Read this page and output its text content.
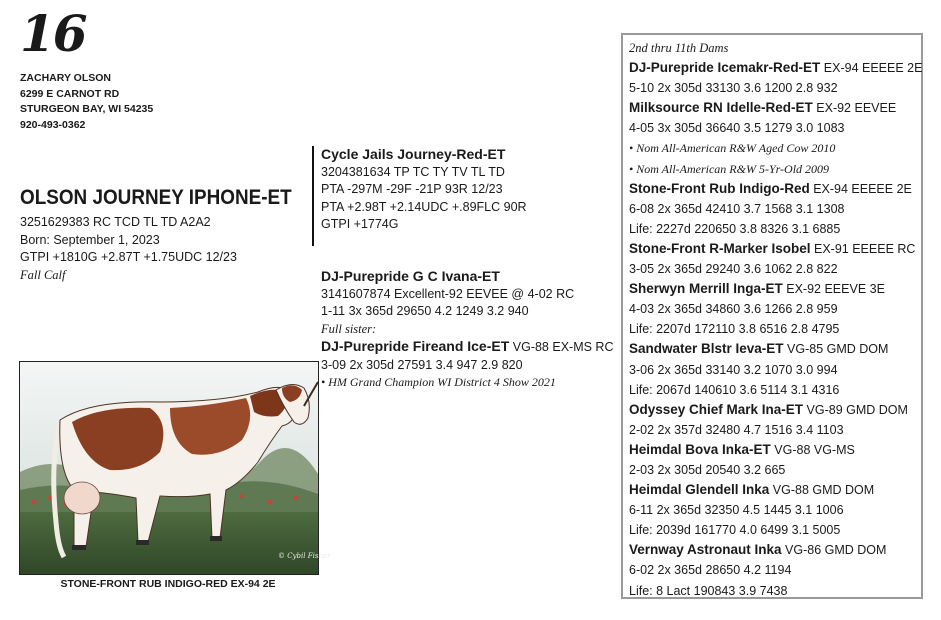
16
ZACHARY OLSON
6299 E CARNOT RD
STURGEON BAY, WI 54235
920-493-0362
OLSON JOURNEY IPHONE-ET
3251629383 RC TCD TL TD A2A2
Born: September 1, 2023
GTPI +1810G +2.87T +1.75UDC 12/23
Fall Calf
Cycle Jails Journey-Red-ET
3204381634 TP TC TY TV TL TD
PTA -297M -29F -21P 93R 12/23
PTA +2.98T +2.14UDC +.89FLC 90R
GTPI +1774G
DJ-Purepride G C Ivana-ET
3141607874 Excellent-92 EEVEE @ 4-02 RC
1-11 3x 365d 29650 4.2 1249 3.2 940
Full sister:
DJ-Purepride Fireand Ice-ET VG-88 EX-MS RC
3-09 2x 305d 27591 3.4 947 2.9 820
• HM Grand Champion WI District 4 Show 2021
© Cybil Fisher
STONE-FRONT RUB INDIGO-RED EX-94 2E
2nd thru 11th Dams
DJ-Purepride Icemakr-Red-ET EX-94 EEEEE 2E
5-10 2x 305d 33130 3.6 1200 2.8 932
Milksource RN Idelle-Red-ET EX-92 EEVEE
4-05 3x 305d 36640 3.5 1279 3.0 1083
• Nom All-American R&W Aged Cow 2010
• Nom All-American R&W 5-Yr-Old 2009
Stone-Front Rub Indigo-Red EX-94 EEEEE 2E
6-08 2x 365d 42410 3.7 1568 3.1 1308
Life: 2227d 220650 3.8 8326 3.1 6885
Stone-Front R-Marker Isobel EX-91 EEEEE RC
3-05 2x 365d 29240 3.6 1062 2.8 822
Sherwyn Merrill Inga-ET EX-92 EEEVE 3E
4-03 2x 365d 34860 3.6 1266 2.8 959
Life: 2207d 172110 3.8 6516 2.8 4795
Sandwater Blstr Ieva-ET VG-85 GMD DOM
3-06 2x 365d 33140 3.2 1070 3.0 994
Life: 2067d 140610 3.6 5114 3.1 4316
Odyssey Chief Mark Ina-ET VG-89 GMD DOM
2-02 2x 357d 32480 4.7 1516 3.4 1103
Heimdal Bova Inka-ET VG-88 VG-MS
2-03 2x 305d 20540 3.2 665
Heimdal Glendell Inka VG-88 GMD DOM
6-11 2x 365d 32350 4.5 1445 3.1 1006
Life: 2039d 161770 4.0 6499 3.1 5005
Vernway Astronaut Inka VG-86 GMD DOM
6-02 2x 365d 28650 4.2 1194
Life: 8 Lact 190843 3.9 7438
